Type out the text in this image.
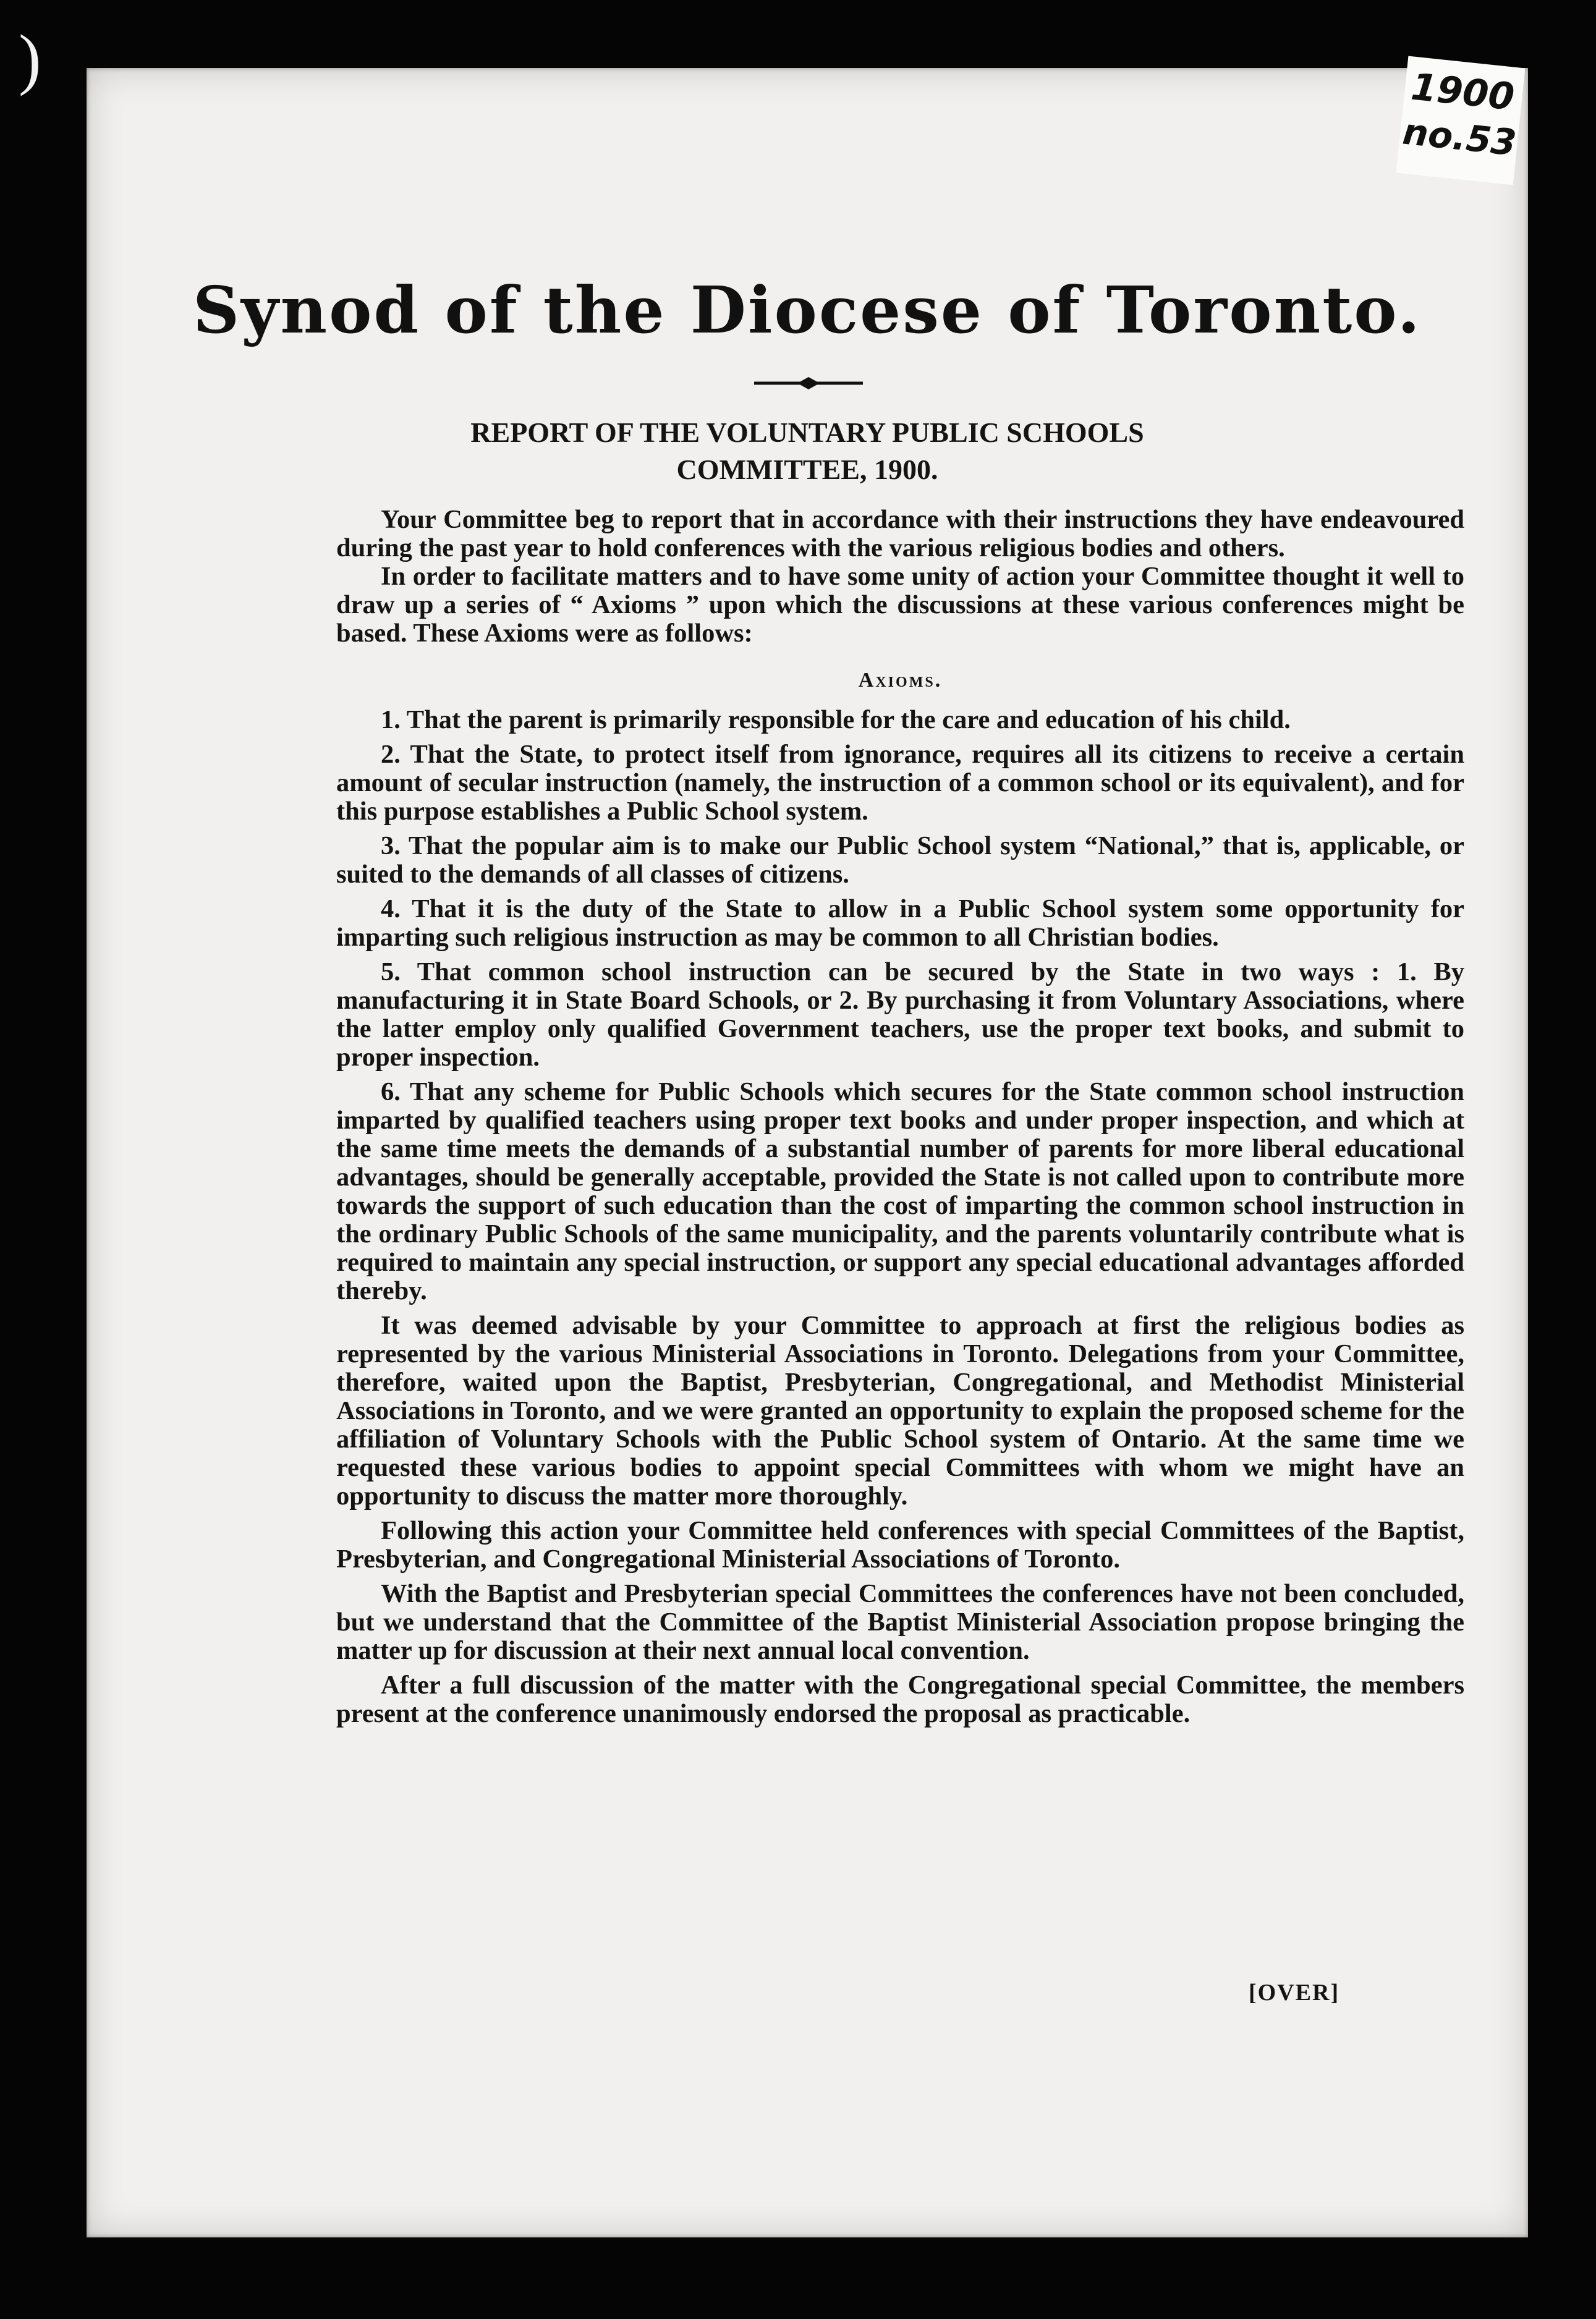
)	1900
no.53
Synod of the Diocese of Toronto.
REPORT OF THE VOLUNTARY PUBLIC SCHOOLS
COMMITTEE, 1900.

Your Committee beg to report that in accordance with their instructions they have endeavoured during the past year to hold conferences with the various religious bodies and others.

In order to facilitate matters and to have some unity of action your Committee thought it well to draw up a series of “ Axioms ” upon which the discussions at these various conferences might be based. These Axioms were as follows:

Axioms.

1. That the parent is primarily responsible for the care and education of his child.

2. That the State, to protect itself from ignorance, requires all its citizens to receive a certain amount of secular instruction (namely, the instruction of a common school or its equivalent), and for this purpose establishes a Public School system.

3. That the popular aim is to make our Public School system “National,” that is, applicable, or suited to the demands of all classes of citizens.

4. That it is the duty of the State to allow in a Public School system some opportunity for imparting such religious instruction as may be common to all Christian bodies.

5. That common school instruction can be secured by the State in two ways : 1. By manufacturing it in State Board Schools, or 2. By purchasing it from Voluntary Associations, where the latter employ only qualified Government teachers, use the proper text books, and submit to proper inspection.

6. That any scheme for Public Schools which secures for the State common school instruction imparted by qualified teachers using proper text books and under proper inspection, and which at the same time meets the demands of a substantial number of parents for more liberal educational advantages, should be generally acceptable, provided the State is not called upon to contribute more towards the support of such education than the cost of imparting the common school instruction in the ordinary Public Schools of the same municipality, and the parents voluntarily contribute what is required to maintain any special instruction, or support any special educational advantages afforded thereby.

It was deemed advisable by your Committee to approach at first the religious bodies as represented by the various Ministerial Associations in Toronto. Delegations from your Committee, therefore, waited upon the Baptist, Presbyterian, Congregational, and Methodist Ministerial Associations in Toronto, and we were granted an opportunity to explain the proposed scheme for the affiliation of Voluntary Schools with the Public School system of Ontario. At the same time we requested these various bodies to appoint special Committees with whom we might have an opportunity to discuss the matter more thoroughly.

Following this action your Committee held conferences with special Committees of the Baptist, Presbyterian, and Congregational Ministerial Associations of Toronto.

With the Baptist and Presbyterian special Committees the conferences have not been concluded, but we understand that the Committee of the Baptist Ministerial Association propose bringing the matter up for discussion at their next annual local convention.

After a full discussion of the matter with the Congregational special Committee, the members present at the conference unanimously endorsed the proposal as practicable.

[OVER]
